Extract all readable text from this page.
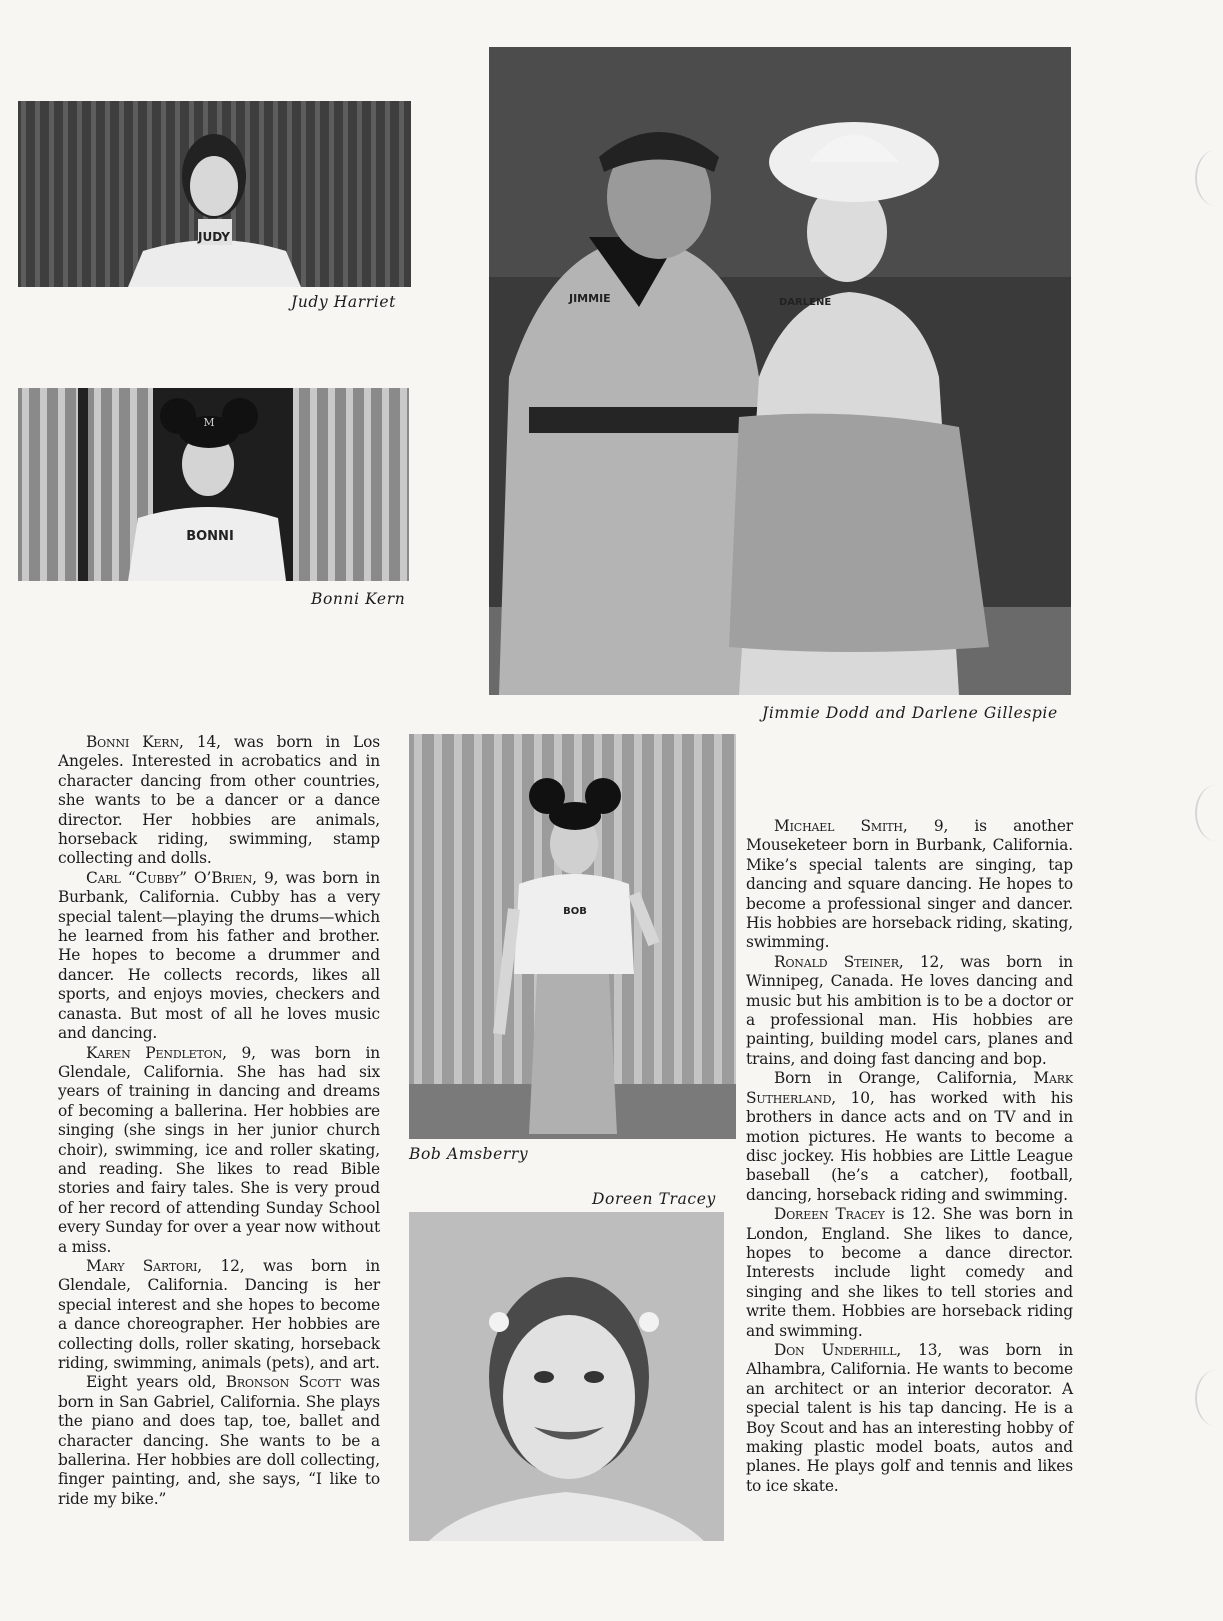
JUDY
Judy Harriet
M
BONNI
Bonni Kern
JIMMIE	DARLENE
Jimmie Dodd and Darlene Gillespie
BOB
Bob Amsberry
Doreen Tracey

Bonni Kern, 14, was born in Los Angeles. Interested in acrobatics and in character dancing from other countries, she wants to be a dancer or a dance director. Her hobbies are animals, horseback riding, swimming, stamp collecting and dolls.

Carl “Cubby” O’Brien, 9, was born in Burbank, California. Cubby has a very special talent—playing the drums—which he learned from his father and brother. He hopes to become a drummer and dancer. He collects records, likes all sports, and enjoys movies, checkers and canasta. But most of all he loves music and dancing.

Karen Pendleton, 9, was born in Glendale, California. She has had six years of training in dancing and dreams of becoming a ballerina. Her hobbies are singing (she sings in her junior church choir), swimming, ice and roller skating, and reading. She likes to read Bible stories and fairy tales. She is very proud of her record of attending Sunday School every Sunday for over a year now without a miss.

Mary Sartori, 12, was born in Glendale, California. Dancing is her special interest and she hopes to become a dance choreographer. Her hobbies are collecting dolls, roller skating, horseback riding, swimming, animals (pets), and art.

Eight years old, Bronson Scott was born in San Gabriel, California. She plays the piano and does tap, toe, ballet and character dancing. She wants to be a ballerina. Her hobbies are doll collecting, finger painting, and, she says, “I like to ride my bike.”

Michael Smith, 9, is another Mouseketeer born in Burbank, California. Mike’s special talents are singing, tap dancing and square dancing. He hopes to become a professional singer and dancer. His hobbies are horseback riding, skating, swimming.

Ronald Steiner, 12, was born in Winnipeg, Canada. He loves dancing and music but his ambition is to be a doctor or a professional man. His hobbies are painting, building model cars, planes and trains, and doing fast dancing and bop.

Born in Orange, California, Mark Sutherland, 10, has worked with his brothers in dance acts and on TV and in motion pictures. He wants to become a disc jockey. His hobbies are Little League baseball (he’s a catcher), football, dancing, horseback riding and swimming.

Doreen Tracey is 12. She was born in London, England. She likes to dance, hopes to become a dance director. Interests include light comedy and singing and she likes to tell stories and write them. Hobbies are horseback riding and swimming.

Don Underhill, 13, was born in Alhambra, California. He wants to become an architect or an interior decorator. A special talent is his tap dancing. He is a Boy Scout and has an interesting hobby of making plastic model boats, autos and planes. He plays golf and tennis and likes to ice skate.
